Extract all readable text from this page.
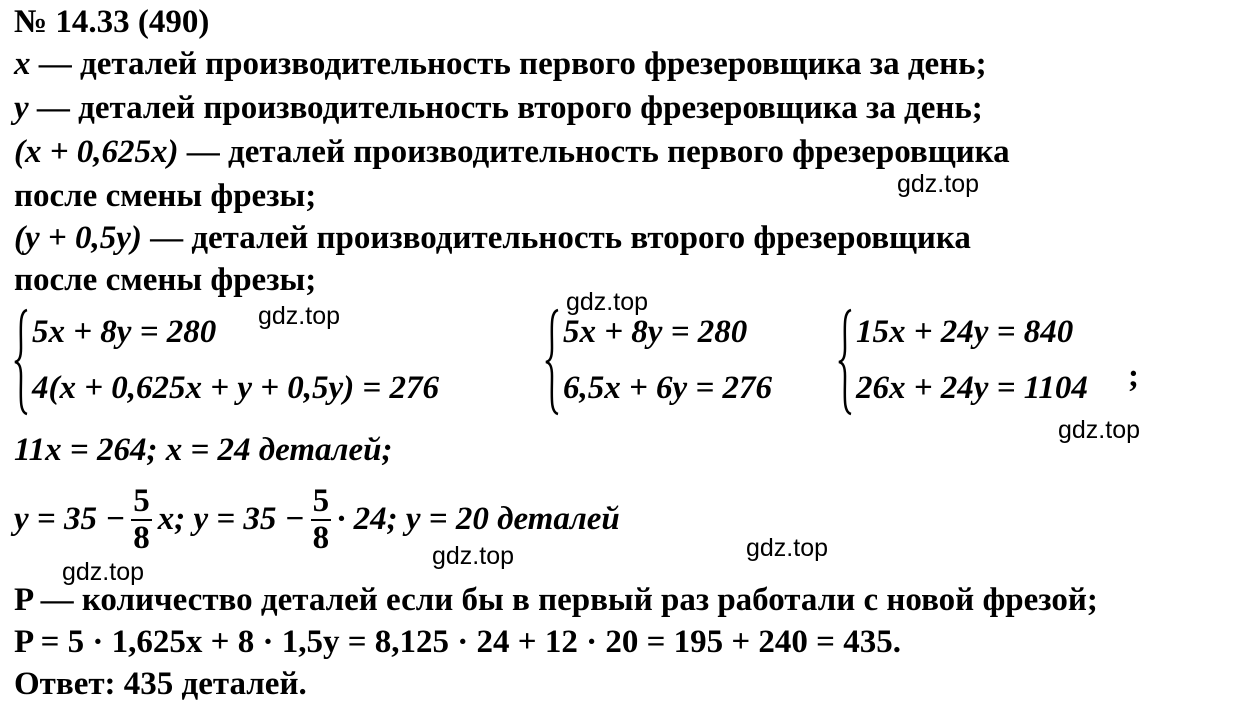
№ 14.33 (490)
x — деталей производительность первого фрезеровщика за день;
y — деталей производительность второго фрезеровщика за день;
(x + 0,625x) — деталей производительность первого фрезеровщика
после смены фрезы;
(y + 0,5y) — деталей производительность второго фрезеровщика
после смены фрезы;
5x + 8y = 280
4(x + 0,625x + y + 0,5y) = 276
5x + 8y = 280
6,5x + 6y = 276
15x + 24y = 840
26x + 24y = 1104 ;
11x = 264; x = 24 деталей;
$y = 35 - \frac{5}{8} x$; $y = 35 - \frac{5}{8} \cdot 24$; y = 20 деталей
P — количество деталей если бы в первый раз работали с новой фрезой;
P = 5 · 1,625x + 8 · 1,5y = 8,125 · 24 + 12 · 20 = 195 + 240 = 435.
Ответ: 435 деталей.
gdz.top
gdz.top
gdz.top
gdz.top
gdz.top
gdz.top
gdz.top
